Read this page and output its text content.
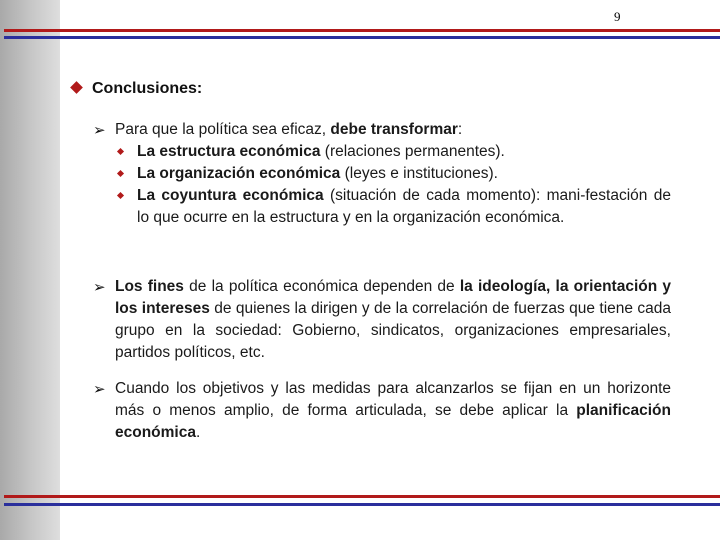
9
Conclusiones:
➢ Para que la política sea eficaz, debe transformar:
La estructura económica (relaciones permanentes).
La organización económica (leyes e instituciones).
La coyuntura económica (situación de cada momento): mani-festación de lo que ocurre en la estructura y en la organización económica.
➢ Los fines de la política económica dependen de la ideología, la orientación y los intereses de quienes la dirigen y de la correlación de fuerzas que tiene cada grupo en la sociedad: Gobierno, sindicatos, organizaciones empresariales, partidos políticos, etc.
➢ Cuando los objetivos y las medidas para alcanzarlos se fijan en un horizonte más o menos amplio, de forma articulada, se debe aplicar la planificación económica.
